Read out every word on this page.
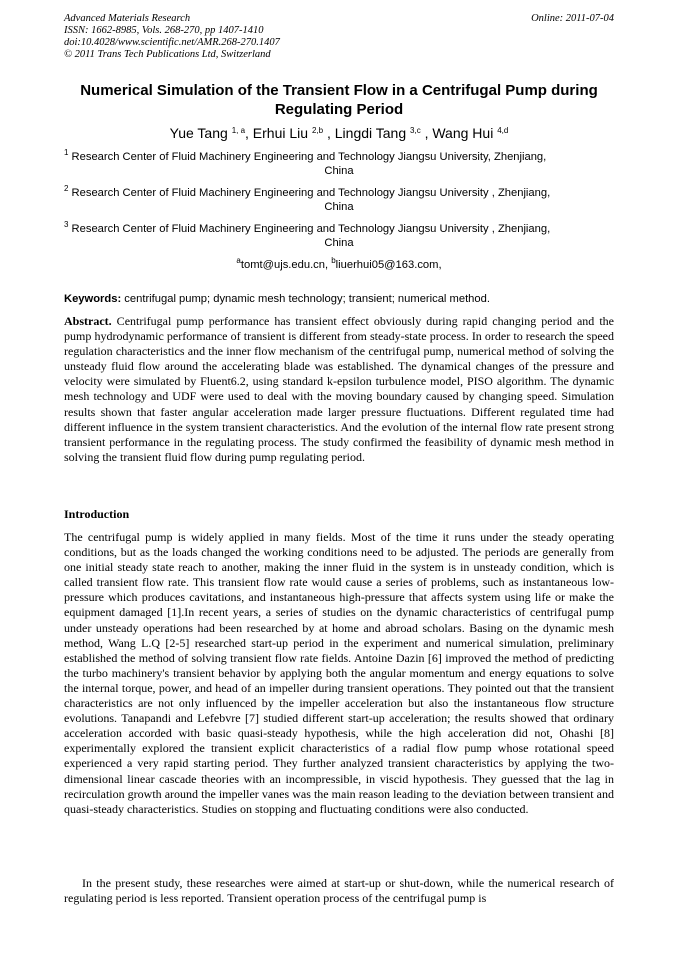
Advanced Materials Research
ISSN: 1662-8985, Vols. 268-270, pp 1407-1410
doi:10.4028/www.scientific.net/AMR.268-270.1407
© 2011 Trans Tech Publications Ltd, Switzerland
Online: 2011-07-04
Numerical Simulation of the Transient Flow in a Centrifugal Pump during Regulating Period
Yue Tang $^{1, a}$, Erhui Liu $^{2,b}$ , Lingdi Tang $^{3,c}$ , Wang Hui $^{4,d}$
$^1$ Research Center of Fluid Machinery Engineering and Technology Jiangsu University, Zhenjiang,
China
$^2$ Research Center of Fluid Machinery Engineering and Technology Jiangsu University , Zhenjiang,
China
$^3$ Research Center of Fluid Machinery Engineering and Technology Jiangsu University , Zhenjiang,
China
$^a$tomt@ujs.edu.cn, $^b$liuerhui05@163.com,
Keywords: centrifugal pump; dynamic mesh technology; transient; numerical method.
Abstract. Centrifugal pump performance has transient effect obviously during rapid changing period and the pump hydrodynamic performance of transient is different from steady-state process. In order to research the speed regulation characteristics and the inner flow mechanism of the centrifugal pump, numerical method of solving the unsteady fluid flow around the accelerating blade was established. The dynamical changes of the pressure and velocity were simulated by Fluent6.2, using standard k-epsilon turbulence model, PISO algorithm. The dynamic mesh technology and UDF were used to deal with the moving boundary caused by changing speed. Simulation results shown that faster angular acceleration made larger pressure fluctuations. Different regulated time had different influence in the system transient characteristics. And the evolution of the internal flow rate present strong transient performance in the regulating process. The study confirmed the feasibility of dynamic mesh method in solving the transient fluid flow during pump regulating period.
Introduction
The centrifugal pump is widely applied in many fields. Most of the time it runs under the steady operating conditions, but as the loads changed the working conditions need to be adjusted. The periods are generally from one initial steady state reach to another, making the inner fluid in the system is in unsteady condition, which is called transient flow rate. This transient flow rate would cause a series of problems, such as instantaneous low-pressure which produces cavitations, and instantaneous high-pressure that affects system using life or make the equipment damaged [1].In recent years, a series of studies on the dynamic characteristics of centrifugal pump under unsteady operations had been researched by at home and abroad scholars. Basing on the dynamic mesh method, Wang L.Q [2-5] researched start-up period in the experiment and numerical simulation, preliminary established the method of solving transient flow rate fields. Antoine Dazin [6] improved the method of predicting the turbo machinery's transient behavior by applying both the angular momentum and energy equations to solve the internal torque, power, and head of an impeller during transient operations. They pointed out that the transient characteristics are not only influenced by the impeller acceleration but also the instantaneous flow structure evolutions. Tanapandi and Lefebvre [7] studied different start-up acceleration; the results showed that ordinary acceleration accorded with basic quasi-steady hypothesis, while the high acceleration did not, Ohashi [8] experimentally explored the transient explicit characteristics of a radial flow pump whose rotational speed experienced a very rapid starting period. They further analyzed transient characteristics by applying the two-dimensional linear cascade theories with an incompressible, in viscid hypothesis. They guessed that the lag in recirculation growth around the impeller vanes was the main reason leading to the deviation between transient and quasi-steady characteristics. Studies on stopping and fluctuating conditions were also conducted.
In the present study, these researches were aimed at start-up or shut-down, while the numerical research of regulating period is less reported. Transient operation process of the centrifugal pump is
